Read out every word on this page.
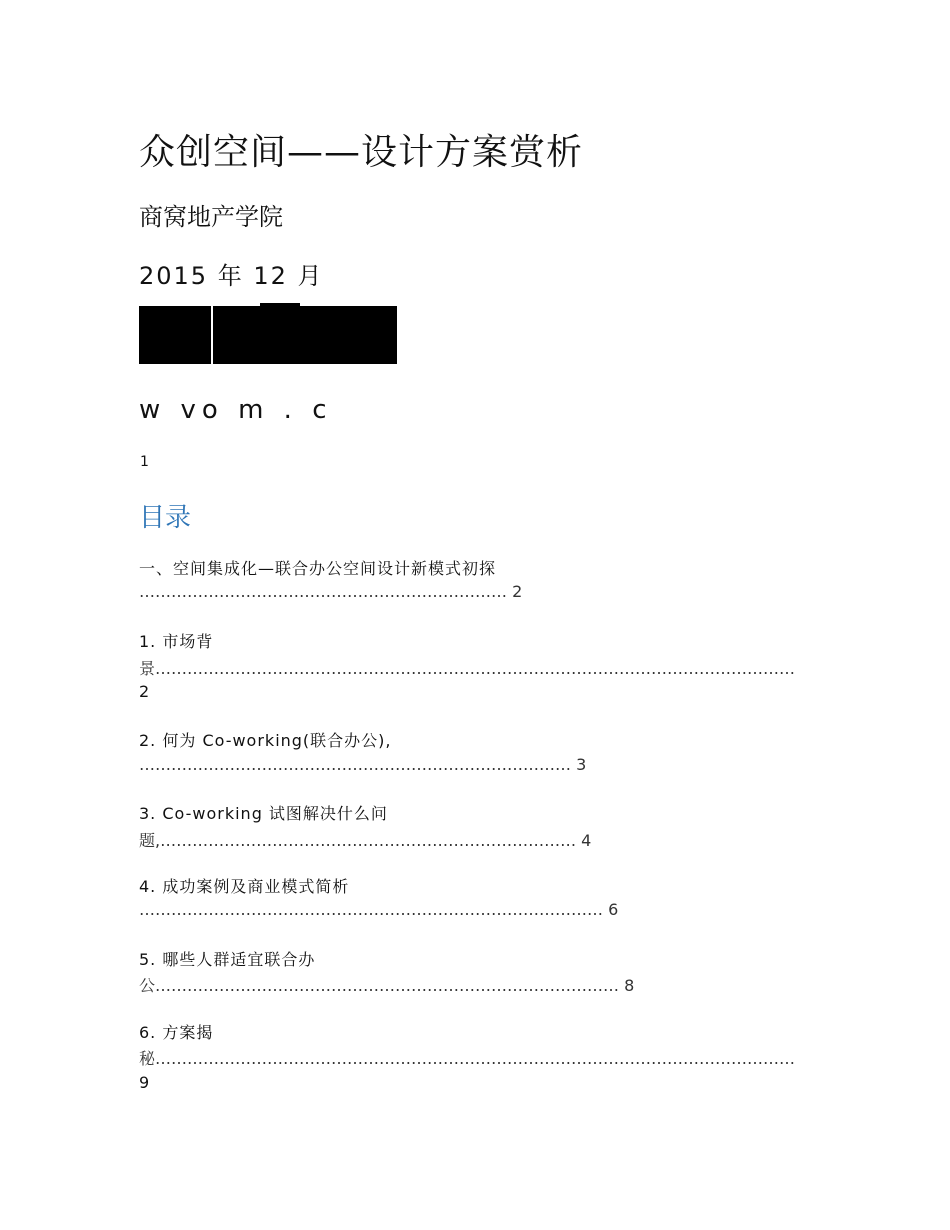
众创空间——设计方案赏析
商窝地产学院
2015 年 12 月
w vo m . c
1
目录
一、空间集成化—联合办公空间设计新模式初探
…………………………………………………………… 2
1. 市场背
景…………………………………………………………………………………………………………
2
2. 何为 Co-working(联合办公),
……………………………………………………………………… 3
3. Co-working 试图解决什么问
题,…………………………………………………………………… 4
4. 成功案例及商业模式简析
…………………………………………………………………………… 6
5. 哪些人群适宜联合办
公…………………………………………………………………………… 8
6. 方案揭
秘…………………………………………………………………………………………………………
9
